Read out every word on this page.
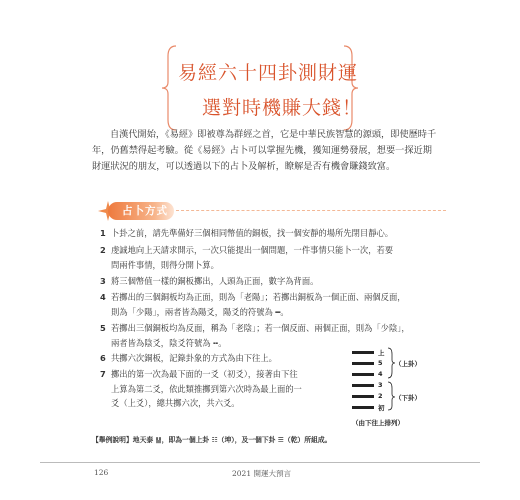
易經六十四卦測財運
選對時機賺大錢！
自漢代開始，《易經》即被尊為群經之首，它是中華民族智慧的源頭，即使歷時千年，仍舊禁得起考驗。從《易經》占卜可以掌握先機，獲知運勢發展，想要一探近期財運狀況的朋友，可以透過以下的占卜及解析，瞭解是否有機會賺錢致富。
占卜方式
1 卜卦之前，請先準備好三個相同幣值的銅板，找一個安靜的場所先閉目靜心。
2 虔誠地向上天請求開示，一次只能提出一個問題，一件事情只能卜一次，若要
問兩件事情，則得分開卜算。
3 將三個幣值一樣的銅板擲出，人頭為正面，數字為背面。
4 若擲出的三個銅板均為正面，則為「老陽」；若擲出銅板為一個正面、兩個反面，
則為「少陽」，兩者皆為陽爻，陽爻的符號為 ━。
5 若擲出三個銅板均為反面，稱為「老陰」；若一個反面、兩個正面，則為「少陰」，
兩者皆為陰爻，陰爻符號為 ╍。
6 共擲六次銅板，記錄卦象的方式為由下往上。
7 擲出的第一次為最下面的一爻（初爻），接著由下往
上算為第二爻，依此類推擲到第六次時為最上面的一
爻（上爻），總共擲六次，共六爻。
上
5
4
3
2
初
（上卦）
（下卦）
（由下往上排列）
【舉例說明】地天泰 ䷊，即為一個上卦 ☷（坤），及一個下卦 ☰（乾）所組成。
126	2021 開運大預言
